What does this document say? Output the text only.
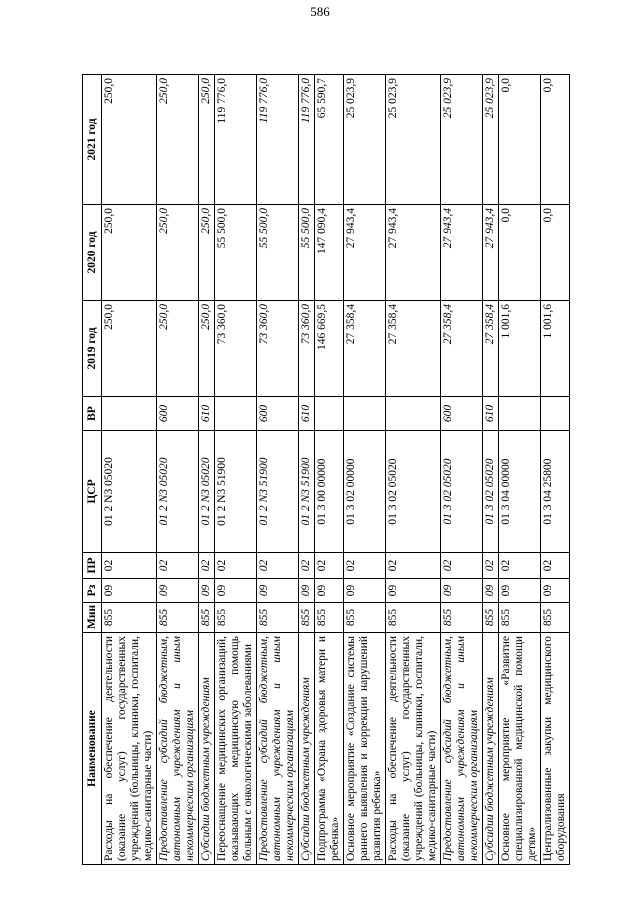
586
Наименование	Мин	Рз	ПР	ЦСР	ВР	2019 год	2020 год	2021 год
Расходы на обеспечение деятельности (оказание услуг) государственных учреждений (больницы, клиники, госпитали, медико-санитарные части)	855	09	02	01 2 N3 05020		250,0	250,0	250,0
Предоставление субсидий бюджетным, автономным учреждениям и иным некоммерческим организациям	855	09	02	01 2 N3 05020	600	250,0	250,0	250,0
Субсидии бюджетным учреждениям	855	09	02	01 2 N3 05020	610	250,0	250,0	250,0
Переоснащение медицинских организаций, оказывающих медицинскую помощь больным с онкологическими заболеваниями	855	09	02	01 2 N3 51900		73 360,0	55 500,0	119 776,0
Предоставление субсидий бюджетным, автономным учреждениям и иным некоммерческим организациям	855	09	02	01 2 N3 51900	600	73 360,0	55 500,0	119 776,0
Субсидии бюджетным учреждениям	855	09	02	01 2 N3 51900	610	73 360,0	55 500,0	119 776,0
Подпрограмма «Охрана здоровья матери и ребенка»	855	09	02	01 3 00 00000		146 669,5	147 090,4	65 590,7
Основное мероприятие «Создание системы раннего выявления и коррекции нарушений развития ребенка»	855	09	02	01 3 02 00000		27 358,4	27 943,4	25 023,9
Расходы на обеспечение деятельности (оказание услуг) государственных учреждений (больницы, клиники, госпитали, медико-санитарные части)	855	09	02	01 3 02 05020		27 358,4	27 943,4	25 023,9
Предоставление субсидий бюджетным, автономным учреждениям и иным некоммерческим организациям	855	09	02	01 3 02 05020	600	27 358,4	27 943,4	25 023,9
Субсидии бюджетным учреждениям	855	09	02	01 3 02 05020	610	27 358,4	27 943,4	25 023,9
Основное мероприятие «Развитие специализированной медицинской помощи детям»	855	09	02	01 3 04 00000		1 001,6	0,0	0,0
Централизованные закупки медицинского оборудования	855	09	02	01 3 04 25800		1 001,6	0,0	0,0
